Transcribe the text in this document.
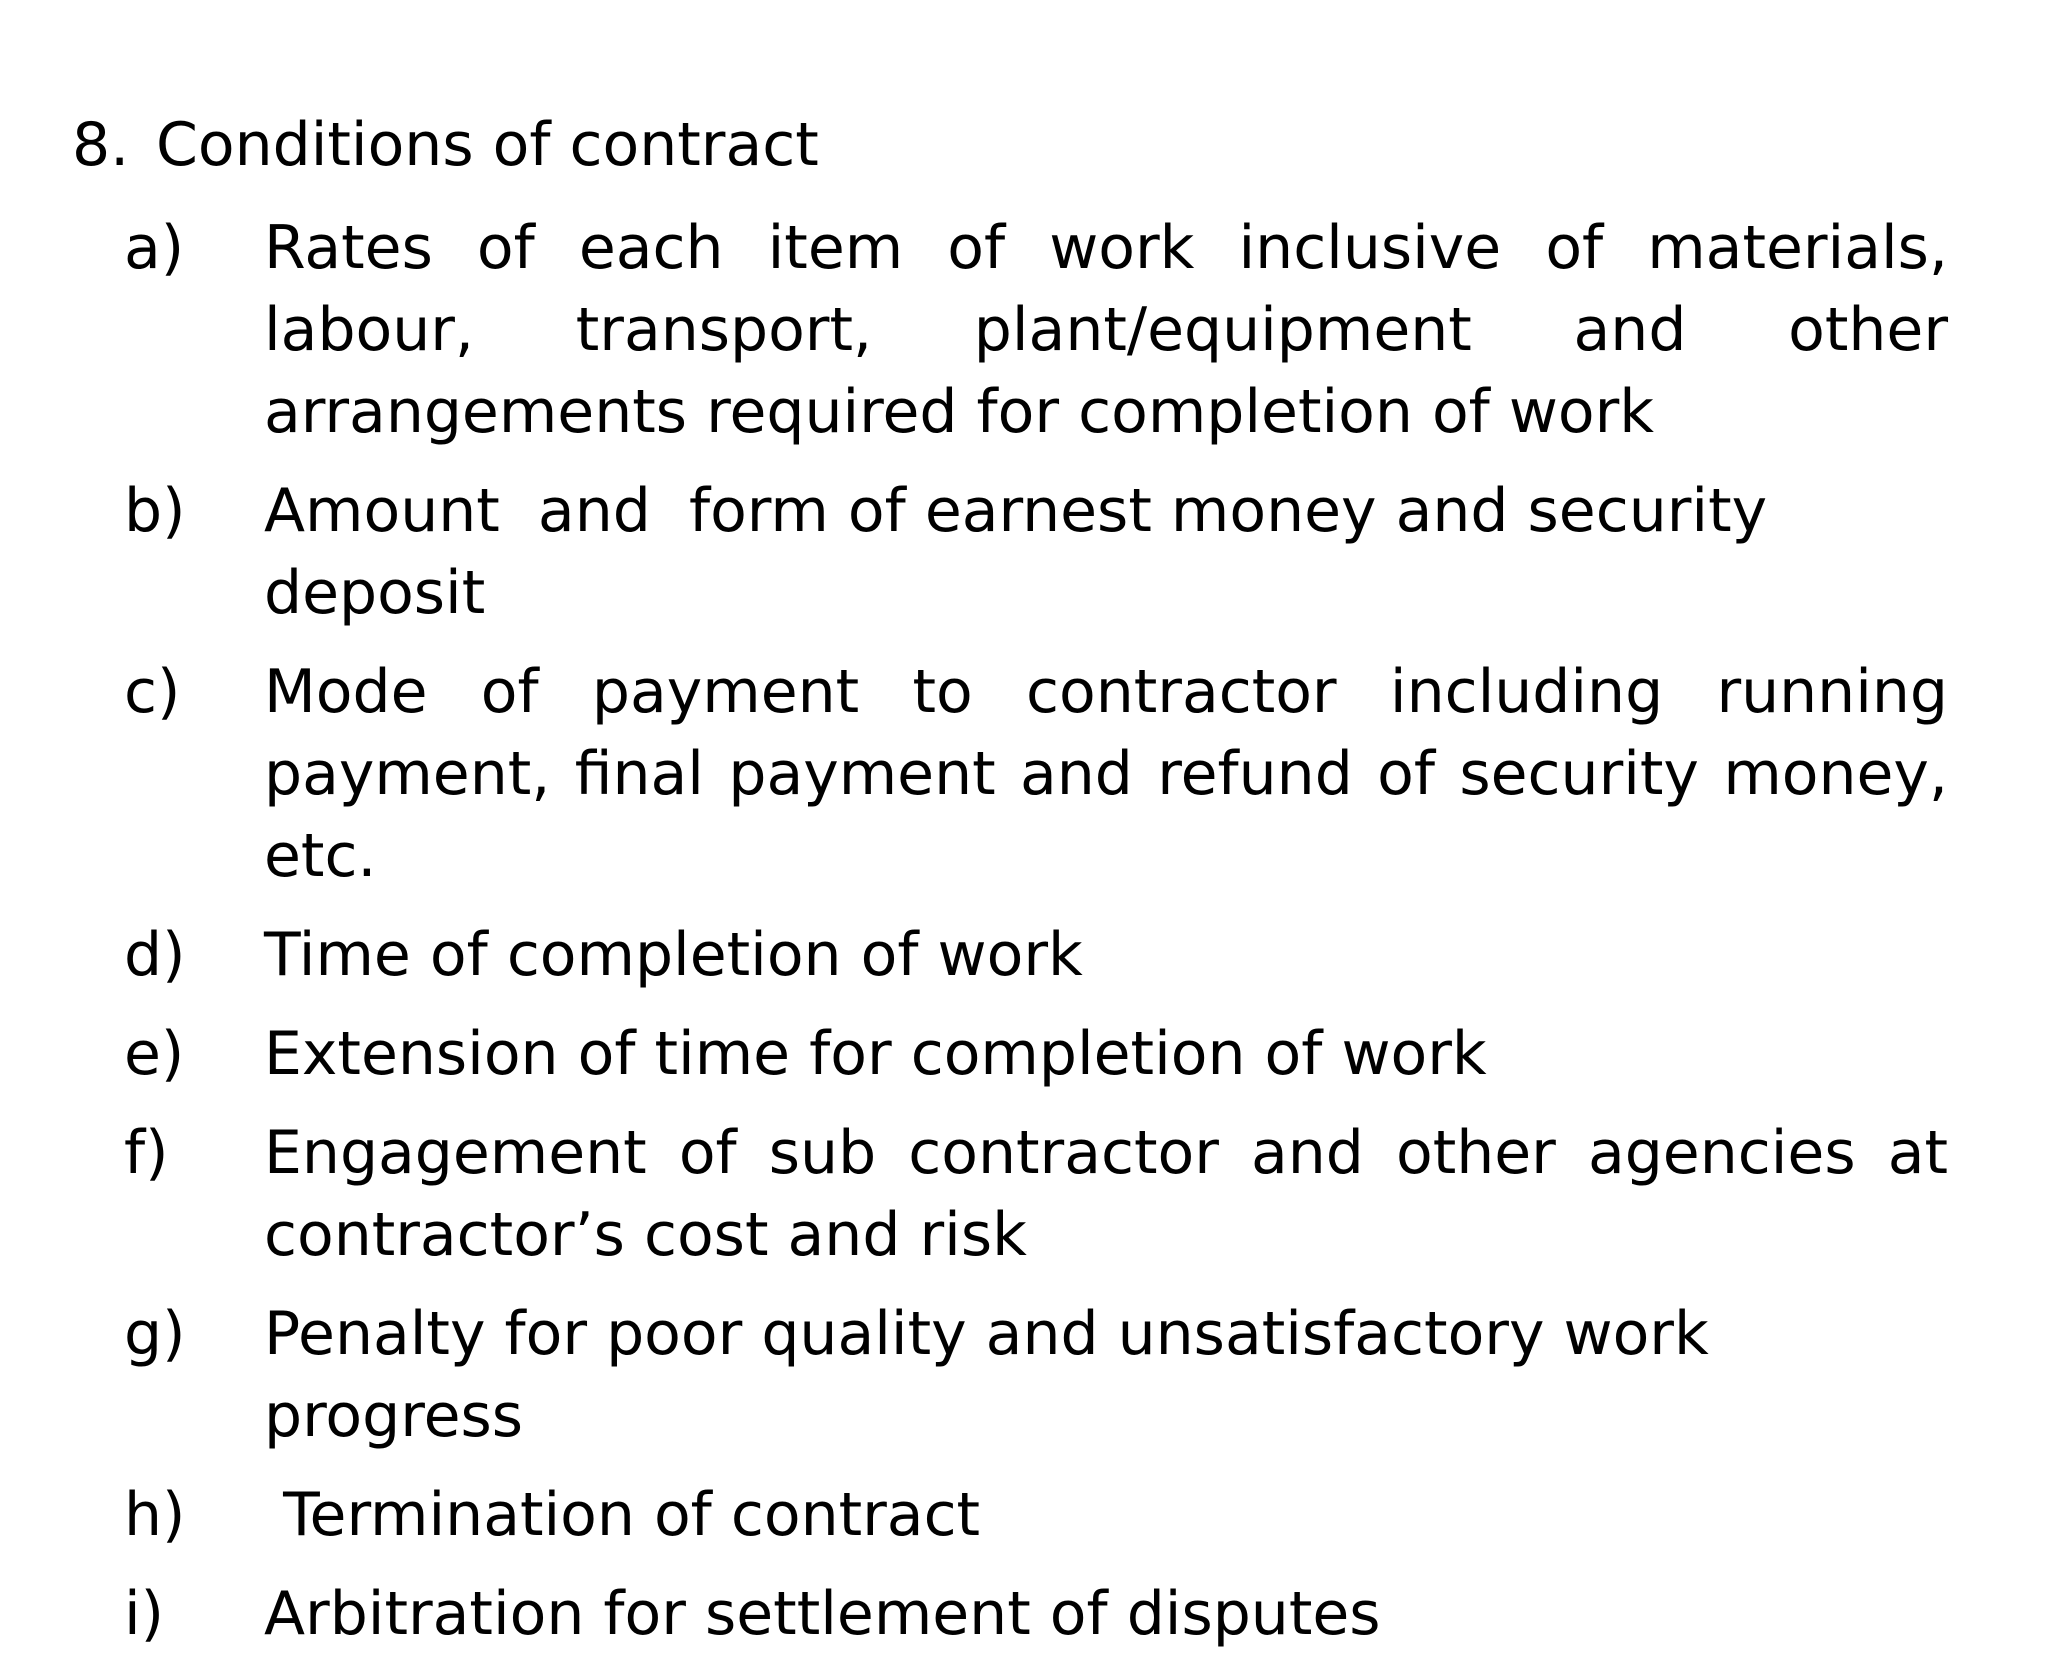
8. Conditions of contract
a)	Rates of each item of work inclusive of materials, labour, transport, plant/equipment and other arrangements required for completion of work
b)	Amount  and  form of earnest money and security deposit
c)	Mode of payment to contractor including running payment, final payment and refund of security money, etc.
d)	Time of completion of work
e)	Extension of time for completion of work
f)	Engagement of sub contractor and other agencies at contractor’s cost and risk
g)	Penalty for poor quality and unsatisfactory work progress
h)	Termination of contract
i)	Arbitration for settlement of disputes
